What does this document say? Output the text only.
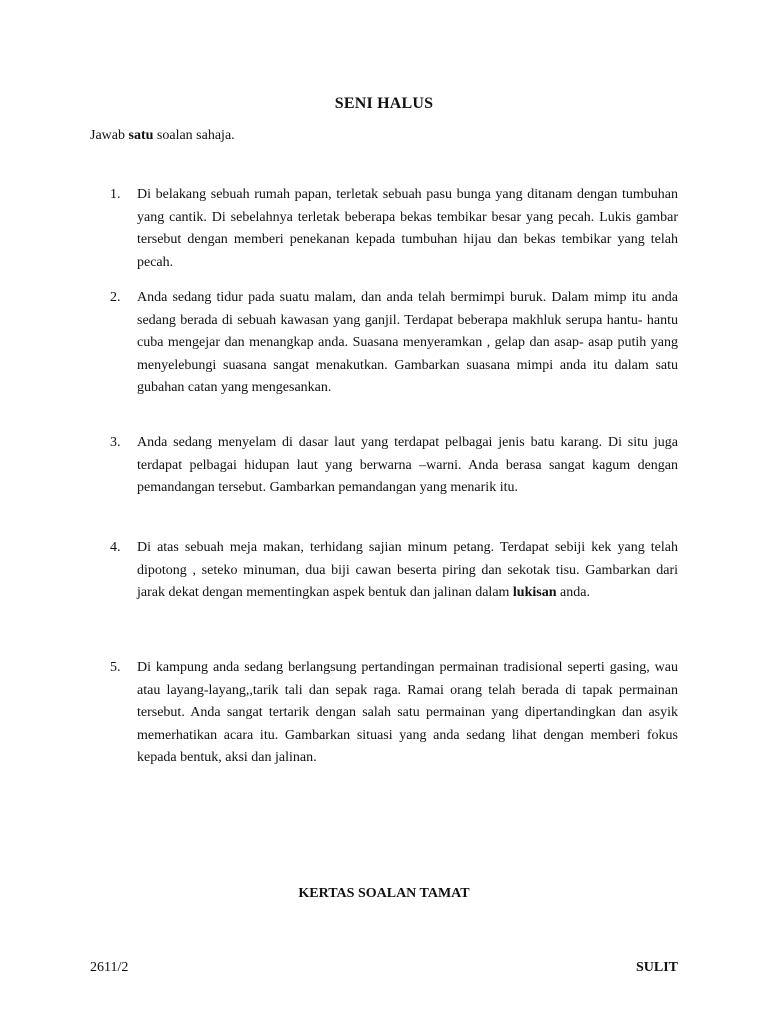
SENI HALUS
Jawab satu soalan sahaja.
1.	Di belakang sebuah rumah papan, terletak sebuah pasu bunga yang ditanam dengan tumbuhan yang cantik. Di sebelahnya terletak beberapa bekas tembikar besar yang pecah. Lukis gambar tersebut dengan memberi penekanan kepada tumbuhan hijau dan bekas tembikar yang telah pecah.
2.	Anda sedang tidur pada suatu malam, dan anda telah bermimpi buruk. Dalam mimp itu anda sedang berada di sebuah kawasan yang ganjil. Terdapat beberapa makhluk serupa hantu- hantu cuba mengejar dan menangkap anda. Suasana menyeramkan , gelap dan asap- asap putih yang menyelebungi suasana sangat menakutkan. Gambarkan suasana mimpi anda itu dalam satu gubahan catan yang mengesankan.
3.	Anda sedang menyelam di dasar laut yang terdapat pelbagai jenis batu karang. Di situ juga terdapat pelbagai hidupan laut yang berwarna –warni. Anda berasa sangat kagum dengan pemandangan tersebut. Gambarkan pemandangan yang menarik itu.
4.	Di atas sebuah meja makan, terhidang sajian minum petang. Terdapat sebiji kek yang telah dipotong , seteko minuman, dua biji cawan beserta piring dan sekotak tisu. Gambarkan dari jarak dekat dengan mementingkan aspek bentuk dan jalinan dalam lukisan anda.
5.	Di kampung anda sedang berlangsung pertandingan permainan tradisional seperti gasing, wau atau layang-layang,,tarik tali dan sepak raga. Ramai orang telah berada di tapak permainan tersebut. Anda sangat tertarik dengan salah satu permainan yang dipertandingkan dan asyik memerhatikan acara itu. Gambarkan situasi yang anda sedang lihat dengan memberi fokus kepada bentuk, aksi dan jalinan.
KERTAS SOALAN TAMAT
2611/2	SULIT
